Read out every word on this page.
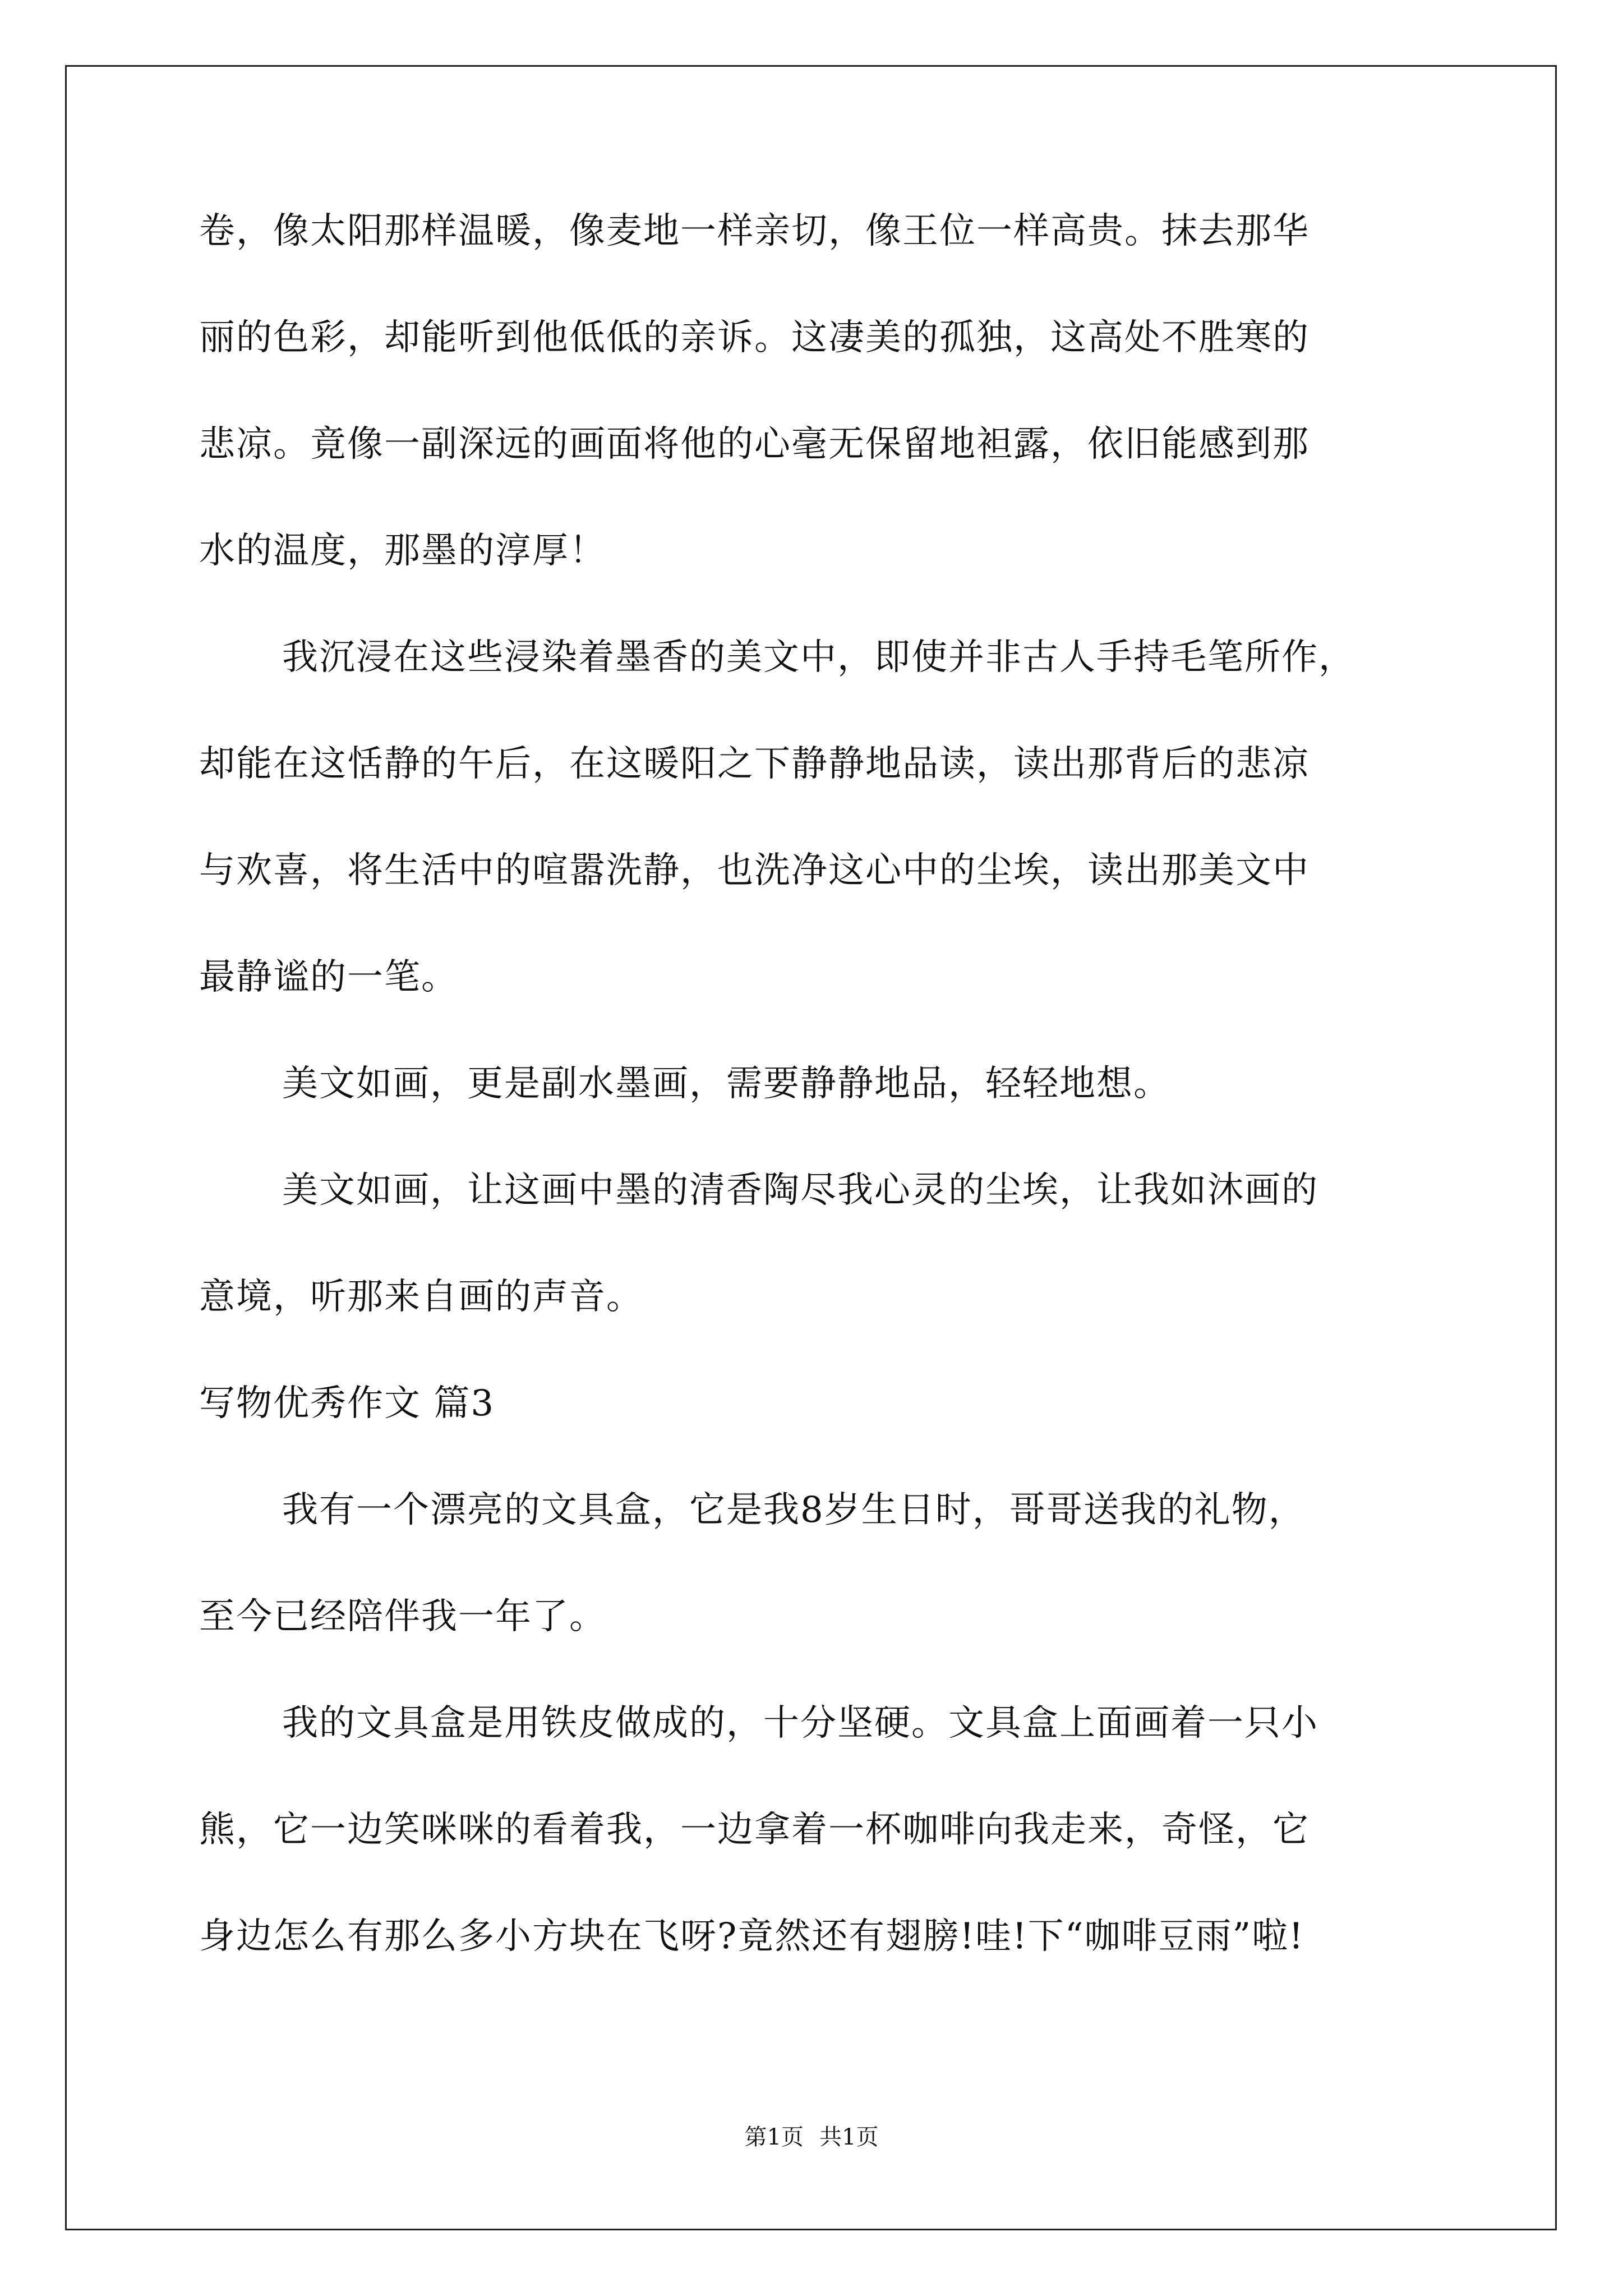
卷，像太阳那样温暖，像麦地一样亲切，像王位一样高贵。抹去那华
丽的色彩，却能听到他低低的亲诉。这凄美的孤独，这高处不胜寒的
悲凉。竟像一副深远的画面将他的心毫无保留地袒露，依旧能感到那
水的温度，那墨的淳厚！
我沉浸在这些浸染着墨香的美文中，即使并非古人手持毛笔所作，
却能在这恬静的午后，在这暖阳之下静静地品读，读出那背后的悲凉
与欢喜，将生活中的喧嚣洗静，也洗净这心中的尘埃，读出那美文中
最静谧的一笔。
美文如画，更是副水墨画，需要静静地品，轻轻地想。
美文如画，让这画中墨的清香陶尽我心灵的尘埃，让我如沐画的
意境，听那来自画的声音。
写物优秀作文 篇3
我有一个漂亮的文具盒，它是我8岁生日时，哥哥送我的礼物，
至今已经陪伴我一年了。
我的文具盒是用铁皮做成的，十分坚硬。文具盒上面画着一只小
熊，它一边笑咪咪的看着我，一边拿着一杯咖啡向我走来，奇怪，它
身边怎么有那么多小方块在飞呀?竟然还有翅膀!哇!下“咖啡豆雨”啦!
第1页 共1页
